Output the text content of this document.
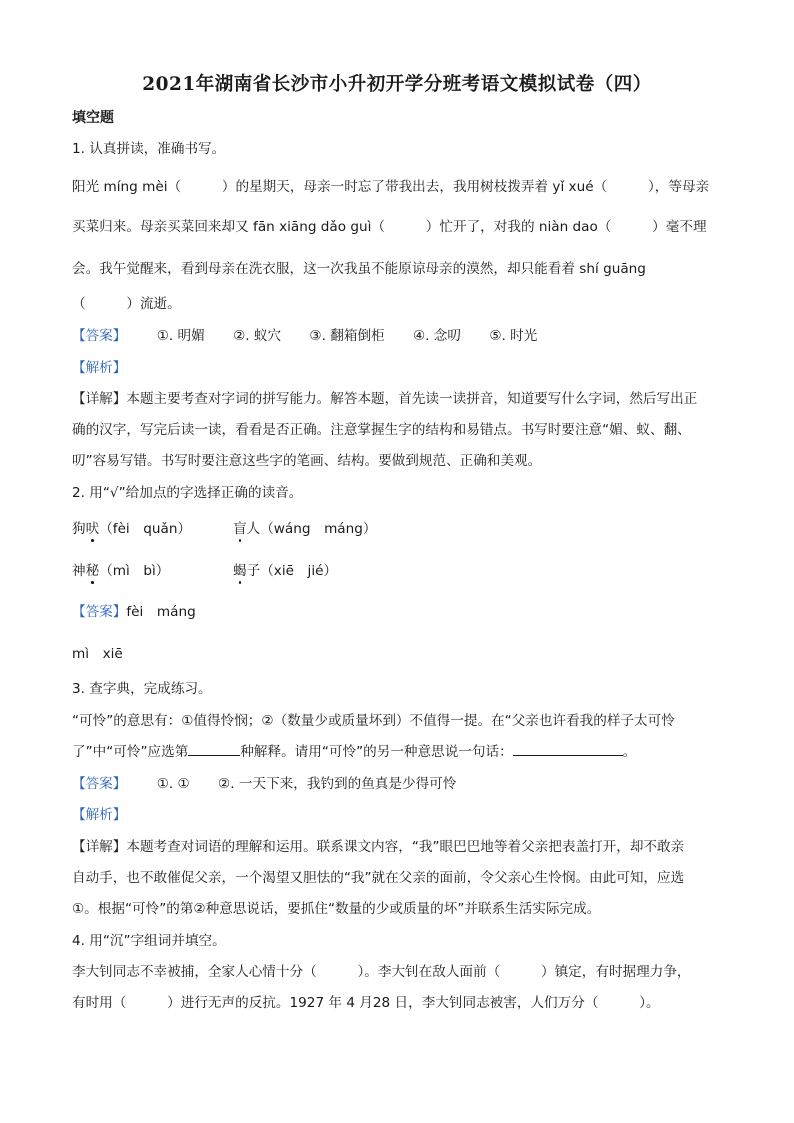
2021年湖南省长沙市小升初开学分班考语文模拟试卷（四）
填空题
1. 认真拼读，准确书写。
阳光 míng mèi（　　　）的星期天，母亲一时忘了带我出去，我用树枝拨弄着 yǐ xué（　　　），等母亲
买菜归来。母亲买菜回来却又 fān xiāng dǎo guì（　　　）忙开了，对我的 niàn dao（　　　）毫不理
会。我午觉醒来，看到母亲在洗衣服，这一次我虽不能原谅母亲的漠然，却只能看着 shí guāng
（　　　）流逝。
【答案】 ①. 明媚 ②. 蚁穴 ③. 翻箱倒柜 ④. 念叨 ⑤. 时光
【解析】
【详解】本题主要考查对字词的拼写能力。解答本题，首先读一读拼音，知道要写什么字词，然后写出正
确的汉字，写完后读一读，看看是否正确。注意掌握生字的结构和易错点。书写时要注意“媚、蚁、翻、
叨”容易写错。书写时要注意这些字的笔画、结构。要做到规范、正确和美观。
2. 用“√”给加点的字选择正确的读音。
狗吠（fèi　quǎn）	盲人（wáng　máng）
神秘（mì　bì）	蝎子（xiē　jié）
【答案】fèi　máng
mì　xiē
3. 查字典，完成练习。
“可怜”的意思有：①值得怜悯；②（数量少或质量坏到）不值得一提。在“父亲也许看我的样子太可怜
了”中“可怜”应选第	种解释。请用“可怜”的另一种意思说一句话：	。
【答案】 ①. ① ②. 一天下来，我钓到的鱼真是少得可怜
【解析】
【详解】本题考查对词语的理解和运用。联系课文内容，“我”眼巴巴地等着父亲把表盖打开，却不敢亲
自动手，也不敢催促父亲，一个渴望又胆怯的“我”就在父亲的面前，令父亲心生怜悯。由此可知，应选
①。根据“可怜”的第②种意思说话，要抓住“数量的少或质量的坏”并联系生活实际完成。
4. 用“沉”字组词并填空。
李大钊同志不幸被捕，全家人心情十分（　　　）。李大钊在敌人面前（　　　）镇定，有时据理力争，
有时用（　　　）进行无声的反抗。1927 年 4 月28 日，李大钊同志被害，人们万分（　　　）。
